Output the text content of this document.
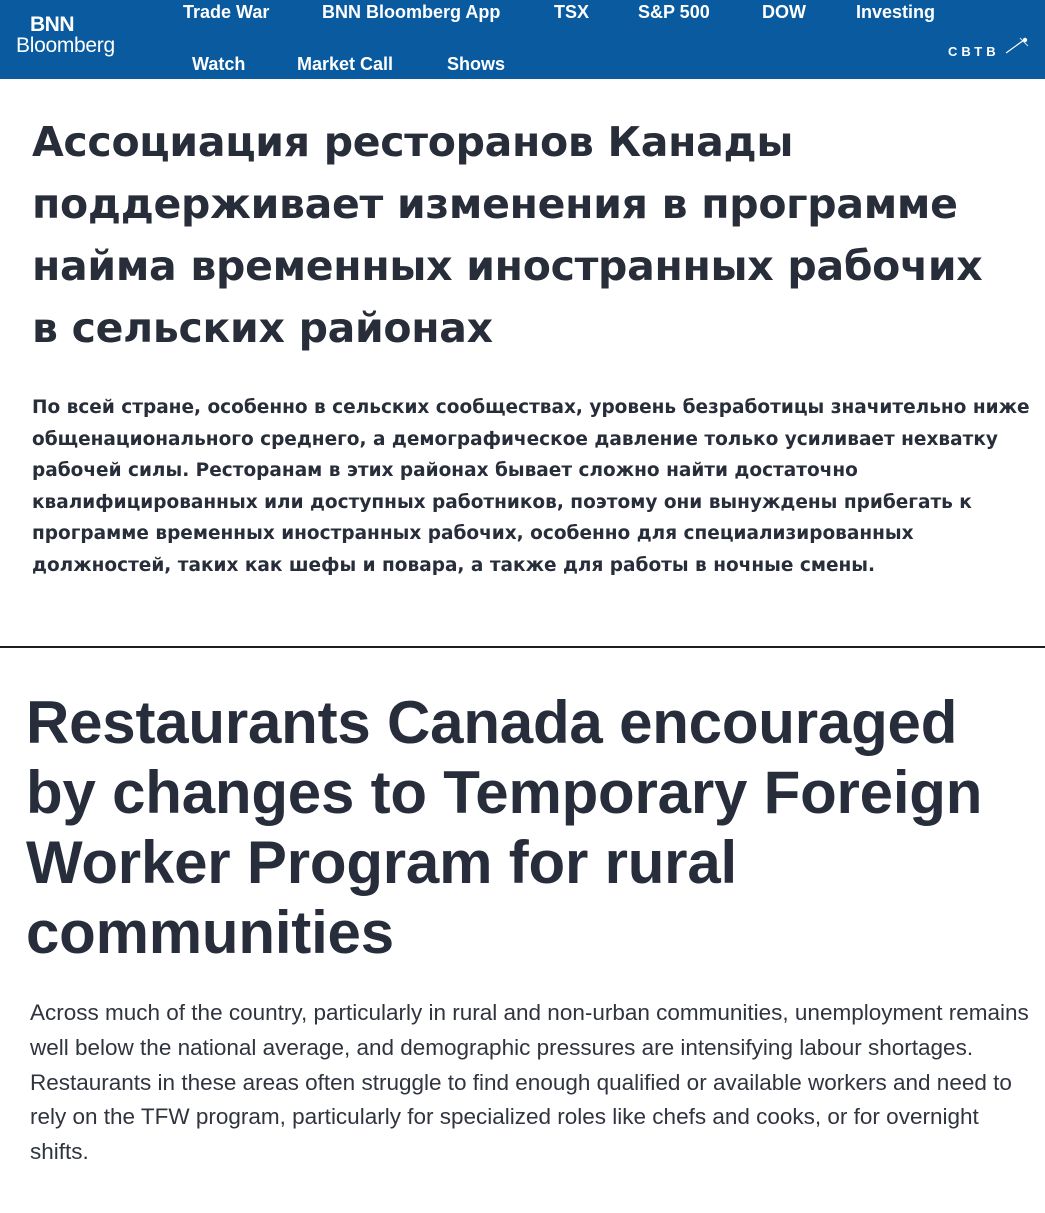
BNN
Bloomberg
Trade War	BNN Bloomberg App	TSX	S&P 500	DOW	Investing
Watch	Market Call	Shows
СВТВ
Ассоциация ресторанов Канады поддерживает изменения в программе найма временных иностранных рабочих в сельских районах

По всей стране, особенно в сельских сообществах, уровень безработицы значительно ниже общенационального среднего, а демографическое давление только усиливает нехватку рабочей силы. Ресторанам в этих районах бывает сложно найти достаточно квалифицированных или доступных работников, поэтому они вынуждены прибегать к программе временных иностранных рабочих, особенно для специализированных должностей, таких как шефы и повара, а также для работы в ночные смены.

Restaurants Canada encouraged by changes to Temporary Foreign Worker Program for rural communities

Across much of the country, particularly in rural and non-urban communities, unemployment remains well below the national average, and demographic pressures are intensifying labour shortages. Restaurants in these areas often struggle to find enough qualified or available workers and need to rely on the TFW program, particularly for specialized roles like chefs and cooks, or for overnight shifts.
